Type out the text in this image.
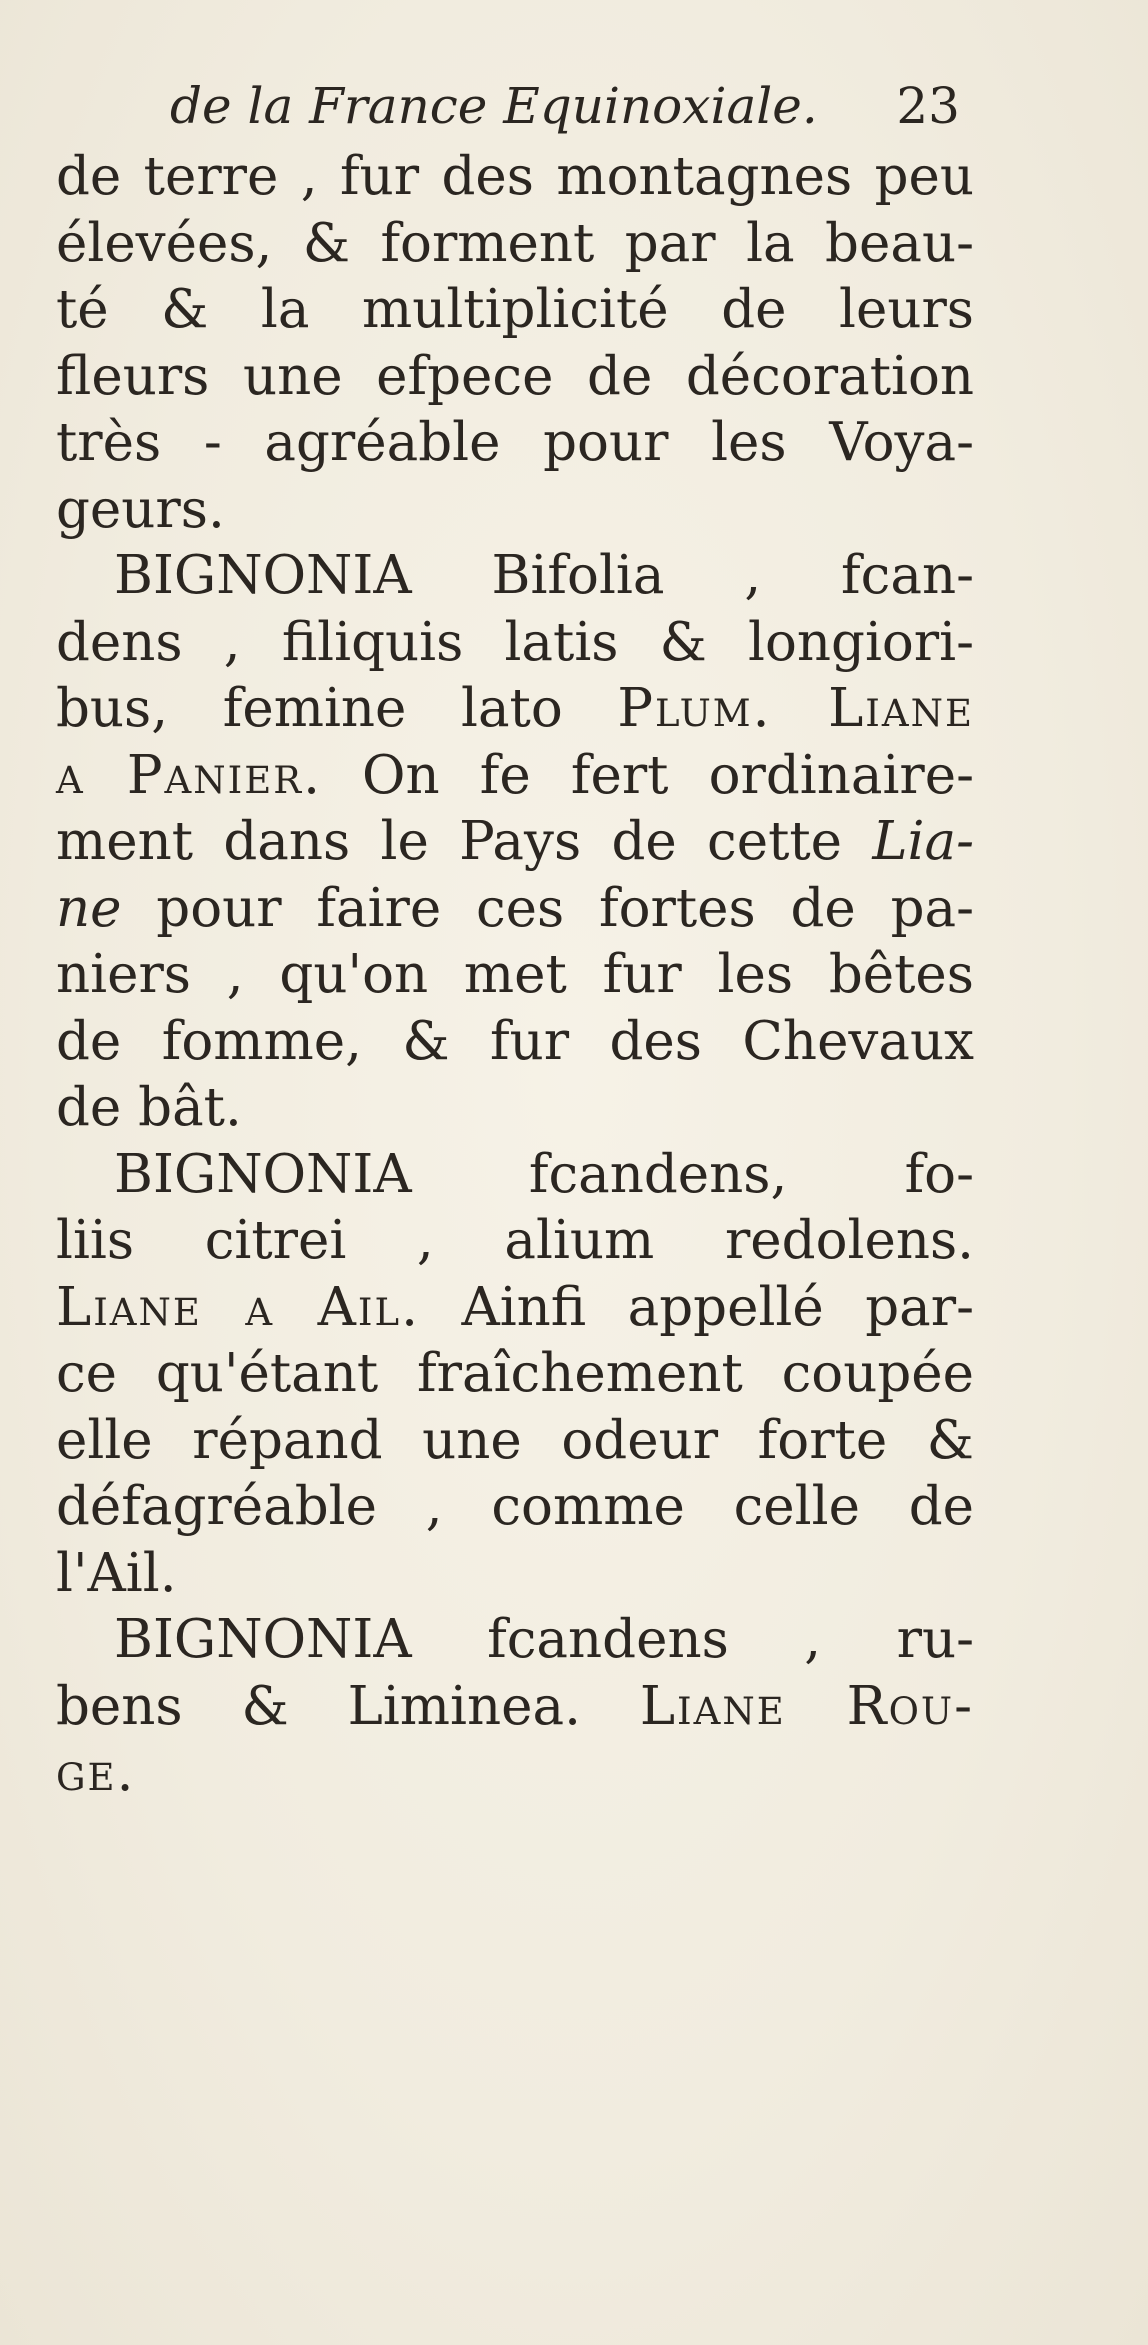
de la France Equinoxiale. 23
de terre , fur des montagnes peu
élevées, & forment par la beau-
té & la multiplicité de leurs
fleurs une efpece de décoration
très - agréable pour les Voya-
geurs.
BIGNONIA Bifolia , fcan-
dens , filiquis latis & longiori-
bus, femine lato Plum. Liane
a Panier. On fe fert ordinaire-
ment dans le Pays de cette Lia-
ne pour faire ces fortes de pa-
niers , qu'on met fur les bêtes
de fomme, & fur des Chevaux
de bât.
BIGNONIA fcandens, fo-
liis citrei , alium redolens.
Liane a Ail. Ainfi appellé par-
ce qu'étant fraîchement coupée
elle répand une odeur forte &
défagréable , comme celle de
l'Ail.
BIGNONIA fcandens , ru-
bens & Liminea. Liane Rou-
ge.
